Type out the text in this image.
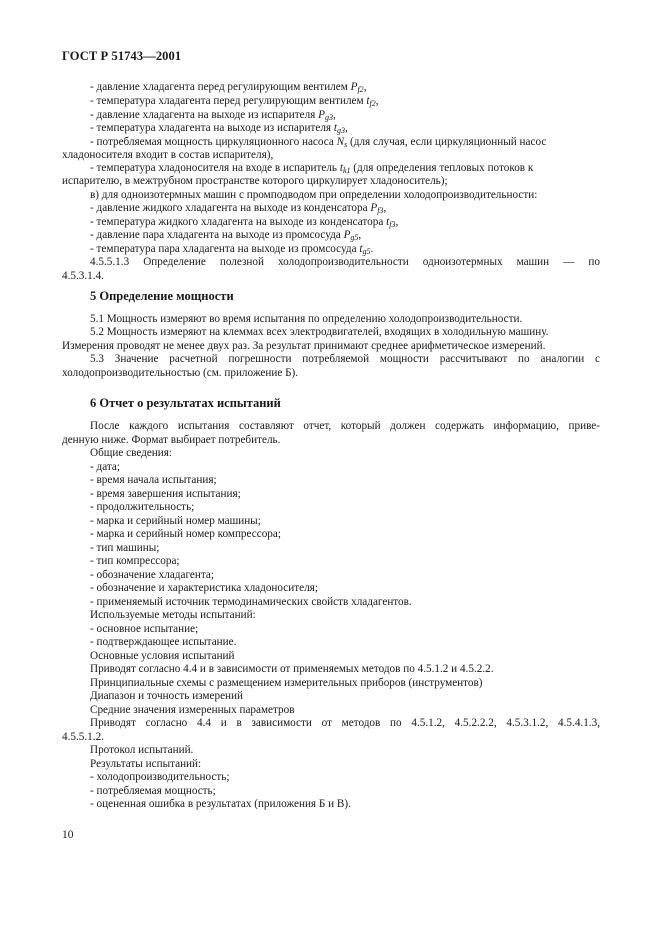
ГОСТ Р 51743—2001
- давление хладагента перед регулирующим вентилем $P_{f2}$,
- температура хладагента перед регулирующим вентилем $t_{f2}$,
- давление хладагента на выходе из испарителя $P_{g3}$,
- температура хладагента на выходе из испарителя $t_{g3}$,
- потребляемая мощность циркуляционного насоса $N_s$ (для случая, если циркуляционный насос
хладоносителя входит в состав испарителя),
- температура хладоносителя на входе в испаритель $t_{k1}$ (для определения тепловых потоков к
испарителю, в межтрубном пространстве которого циркулирует хладоноситель);
в) для одноизотермных машин с промподводом при определении холодопроизводительности:
- давление жидкого хладагента на выходе из конденсатора $P_{f3}$,
- температура жидкого хладагента на выходе из конденсатора $t_{f3}$,
- давление пара хладагента на выходе из промсосуда $P_{g5}$,
- температура пара хладагента на выходе из промсосуда $t_{g5}$.
4.5.5.1.3 Определение полезной холодопроизводительности одноизотермных машин — по
4.5.3.1.4.
5 Определение мощности
5.1 Мощность измеряют во время испытания по определению холодопроизводительности.
5.2 Мощность измеряют на клеммах всех электродвигателей, входящих в холодильную машину.
Измерения проводят не менее двух раз. За результат принимают среднее арифметическое измерений.
5.3 Значение расчетной погрешности потребляемой мощности рассчитывают по аналогии с
холодопроизводительностью (см. приложение Б).
6 Отчет о результатах испытаний
После каждого испытания составляют отчет, который должен содержать информацию, приве-
денную ниже. Формат выбирает потребитель.
Общие сведения:
- дата;
- время начала испытания;
- время завершения испытания;
- продолжительность;
- марка и серийный номер машины;
- марка и серийный номер компрессора;
- тип машины;
- тип компрессора;
- обозначение хладагента;
- обозначение и характеристика хладоносителя;
- применяемый источник термодинамических свойств хладагентов.
Используемые методы испытаний:
- основное испытание;
- подтверждающее испытание.
Основные условия испытаний
Приводят согласно 4.4 и в зависимости от применяемых методов по 4.5.1.2 и 4.5.2.2.
Принципиальные схемы с размещением измерительных приборов (инструментов)
Диапазон и точность измерений
Средние значения измеренных параметров
Приводят согласно 4.4 и в зависимости от методов по 4.5.1.2, 4.5.2.2.2, 4.5.3.1.2, 4.5.4.1.3,
4.5.5.1.2.
Протокол испытаний.
Результаты испытаний:
- холодопроизводительность;
- потребляемая мощность;
- оцененная ошибка в результатах (приложения Б и В).
10
